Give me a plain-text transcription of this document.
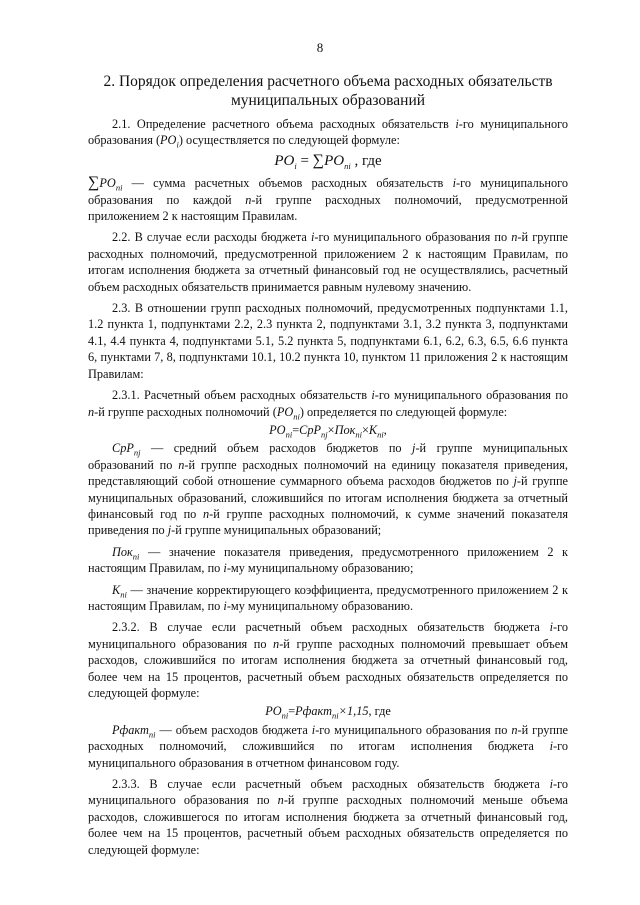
8
2. Порядок определения расчетного объема расходных обязательств
муниципальных образований

2.1. Определение расчетного объема расходных обязательств i-го муниципального образования $(PO_i)$ осуществляется по следующей формуле:

$PO_i = \sum PO_{ni}$ , где

$\sum PO_{ni}$ — сумма расчетных объемов расходных обязательств i-го муниципального образования по каждой n-й группе расходных полномочий, предусмотренной приложением 2 к настоящим Правилам.

2.2. В случае если расходы бюджета i-го муниципального образования по n-й группе расходных полномочий, предусмотренной приложением 2 к настоящим Правилам, по итогам исполнения бюджета за отчетный финансовый год не осуществлялись, расчетный объем расходных обязательств принимается равным нулевому значению.

2.3. В отношении групп расходных полномочий, предусмотренных подпунктами 1.1, 1.2 пункта 1, подпунктами 2.2, 2.3 пункта 2, подпунктами 3.1, 3.2 пункта 3, подпунктами 4.1, 4.4 пункта 4, подпунктами 5.1, 5.2 пункта 5, подпунктами 6.1, 6.2, 6.3, 6.5, 6.6 пункта 6, пунктами 7, 8, подпунктами 10.1, 10.2 пункта 10, пунктом 11 приложения 2 к настоящим Правилам:

2.3.1. Расчетный объем расходных обязательств i-го муниципального образования по n-й группе расходных полномочий $(PO_{ni})$ определяется по следующей формуле:

$PO_{ni}=CрP_{nj}\times Пок_{ni}\times K_{ni}$,

CрP$_{nj}$ — средний объем расходов бюджетов по j-й группе муниципальных образований по n-й группе расходных полномочий на единицу показателя приведения, представляющий собой отношение суммарного объема расходов бюджетов по j-й группе муниципальных образований, сложившийся по итогам исполнения бюджета за отчетный финансовый год по n-й группе расходных полномочий, к сумме значений показателя приведения по j-й группе муниципальных образований;

Пок$_{ni}$ — значение показателя приведения, предусмотренного приложением 2 к настоящим Правилам, по i-му муниципальному образованию;

$K_{ni}$ — значение корректирующего коэффициента, предусмотренного приложением 2 к настоящим Правилам, по i-му муниципальному образованию.

2.3.2. В случае если расчетный объем расходных обязательств бюджета i-го муниципального образования по n-й группе расходных полномочий превышает объем расходов, сложившийся по итогам исполнения бюджета за отчетный финансовый год, более чем на 15 процентов, расчетный объем расходных обязательств определяется по следующей формуле:

$PO_{ni}=Pфакт_{ni}\times 1,15$, где

Pфакт$_{ni}$ — объем расходов бюджета i-го муниципального образования по n-й группе расходных полномочий, сложившийся по итогам исполнения бюджета i-го муниципального образования в отчетном финансовом году.

2.3.3. В случае если расчетный объем расходных обязательств бюджета i-го муниципального образования по n-й группе расходных полномочий меньше объема расходов, сложившегося по итогам исполнения бюджета за отчетный финансовый год, более чем на 15 процентов, расчетный объем расходных обязательств определяется по следующей формуле:
